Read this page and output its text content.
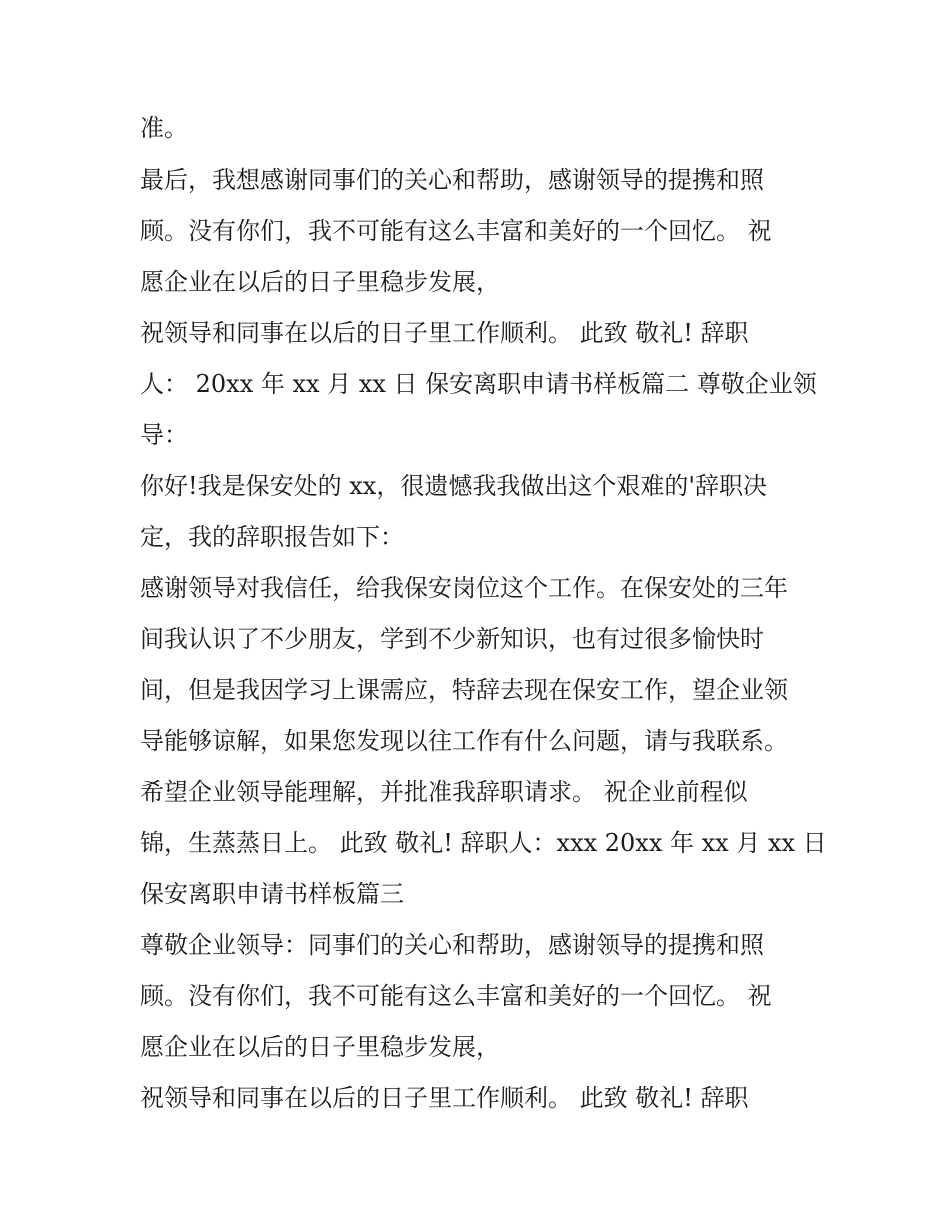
准。
最后，我想感谢同事们的关心和帮助，感谢领导的提携和照
顾。没有你们，我不可能有这么丰富和美好的一个回忆。 祝
愿企业在以后的日子里稳步发展，
祝领导和同事在以后的日子里工作顺利。 此致 敬礼! 辞职
人： 20xx 年 xx 月 xx 日 保安离职申请书样板篇二 尊敬企业领
导：
你好!我是保安处的 xx，很遗憾我我做出这个艰难的'辞职决
定，我的辞职报告如下：
感谢领导对我信任，给我保安岗位这个工作。在保安处的三年
间我认识了不少朋友，学到不少新知识，也有过很多愉快时
间，但是我因学习上课需应，特辞去现在保安工作，望企业领
导能够谅解，如果您发现以往工作有什么问题，请与我联系。
希望企业领导能理解，并批准我辞职请求。 祝企业前程似
锦，生蒸蒸日上。 此致 敬礼! 辞职人：xxx 20xx 年 xx 月 xx 日
保安离职申请书样板篇三
尊敬企业领导：同事们的关心和帮助，感谢领导的提携和照
顾。没有你们，我不可能有这么丰富和美好的一个回忆。 祝
愿企业在以后的日子里稳步发展，
祝领导和同事在以后的日子里工作顺利。 此致 敬礼! 辞职
